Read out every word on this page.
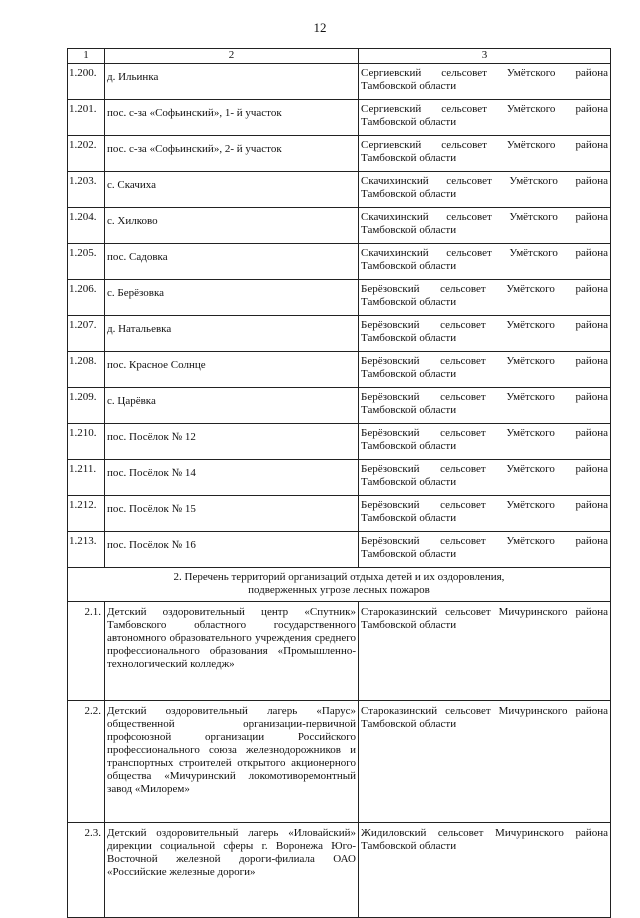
12
1	2	3
1.200.	д. Ильинка	Сергиевский сельсовет Умётского района Тамбовской области
1.201.	пос. с-за «Софьинский», 1- й участок	Сергиевский сельсовет Умётского района Тамбовской области
1.202.	пос. с-за «Софьинский», 2- й участок	Сергиевский сельсовет Умётского района Тамбовской области
1.203.	с. Скачиха	Скачихинский сельсовет Умётского района Тамбовской области
1.204.	с. Хилково	Скачихинский сельсовет Умётского района Тамбовской области
1.205.	пос. Садовка	Скачихинский сельсовет Умётского района Тамбовской области
1.206.	с. Берёзовка	Берёзовский сельсовет Умётского района Тамбовской области
1.207.	д. Натальевка	Берёзовский сельсовет Умётского района Тамбовской области
1.208.	пос. Красное Солнце	Берёзовский сельсовет Умётского района Тамбовской области
1.209.	с. Царёвка	Берёзовский сельсовет Умётского района Тамбовской области
1.210.	пос. Посёлок № 12	Берёзовский сельсовет Умётского района Тамбовской области
1.211.	пос. Посёлок № 14	Берёзовский сельсовет Умётского района Тамбовской области
1.212.	пос. Посёлок № 15	Берёзовский сельсовет Умётского района Тамбовской области
1.213.	пос. Посёлок № 16	Берёзовский сельсовет Умётского района Тамбовской области

2. Перечень территорий организаций отдыха детей и их оздоровления,
подверженных угрозе лесных пожаров		

2.1.	Детский оздоровительный центр «Спутник» Тамбовского областного государственного автономного образовательного учреждения среднего профессионального образования «Промышленно-технологический колледж»	Староказинский сельсовет Мичуринского района Тамбовской области
2.2.	Детский оздоровительный лагерь «Парус» общественной организации-первичной профсоюзной организации Российского профессионального союза железнодорожников и транспортных строителей открытого акционерного общества «Мичуринский локомотиворемонтный завод «Милорем»	Староказинский сельсовет Мичуринского района Тамбовской области
2.3.	Детский оздоровительный лагерь «Иловайский» дирекции социальной сферы г. Воронежа Юго-Восточной железной дороги-филиала ОАО «Российские железные дороги»	Жидиловский сельсовет Мичуринского района Тамбовской области
